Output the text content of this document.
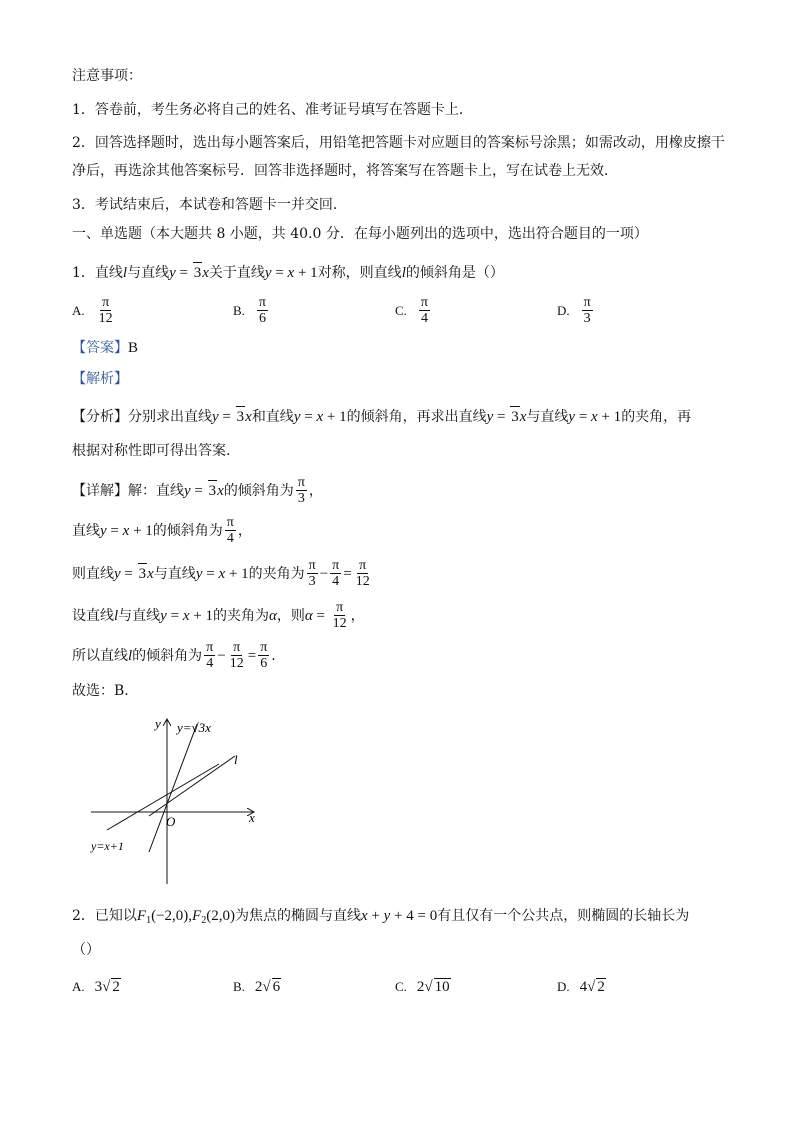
注意事项：
1．答卷前，考生务必将自己的姓名、准考证号填写在答题卡上．
2．回答选择题时，选出每小题答案后，用铅笔把答题卡对应题目的答案标号涂黑；如需改动，用橡皮擦干
净后，再选涂其他答案标号．回答非选择题时，将答案写在答题卡上，写在试卷上无效．
3．考试结束后，本试卷和答题卡一并交回．
一、单选题（本大题共 8 小题，共 40.0 分．在每小题列出的选项中，选出符合题目的一项）
1．直线l与直线y = 3x关于直线y = x + 1对称，则直线l的倾斜角是（）
A. $\frac{\pi}{12}$	B. $\frac{\pi}{6}$	C. $\frac{\pi}{4}$	D. $\frac{\pi}{3}$
【答案】B
【解析】
【分析】分别求出直线y = 3x和直线y = x + 1的倾斜角，再求出直线y = 3x与直线y = x + 1的夹角，再
根据对称性即可得出答案.
【详解】解：直线y = 3x的倾斜角为 $\frac{\pi}{3}$ ，
直线y = x + 1的倾斜角为 $\frac{\pi}{4}$ ，
则直线y = 3x与直线y = x + 1的夹角为 $\frac{\pi}{3} - \frac{\pi}{4} = \frac{\pi}{12}$
设直线l与直线y = x + 1的夹角为α，则$\alpha = \frac{\pi}{12}$ ，
所以直线l的倾斜角为 $\frac{\pi}{4} - \frac{\pi}{12} = \frac{\pi}{6}$ .
故选：B.
y
x
O
y=√3x
l
y=x+1
2．已知以$F_1(-2,0),F_2(2,0)$为焦点的椭圆与直线x + y + 4 = 0有且仅有一个公共点，则椭圆的长轴长为
（）
A. 3 √ 2	B. 2 √ 6	C. 2 √ 10	D. 4 √ 2
